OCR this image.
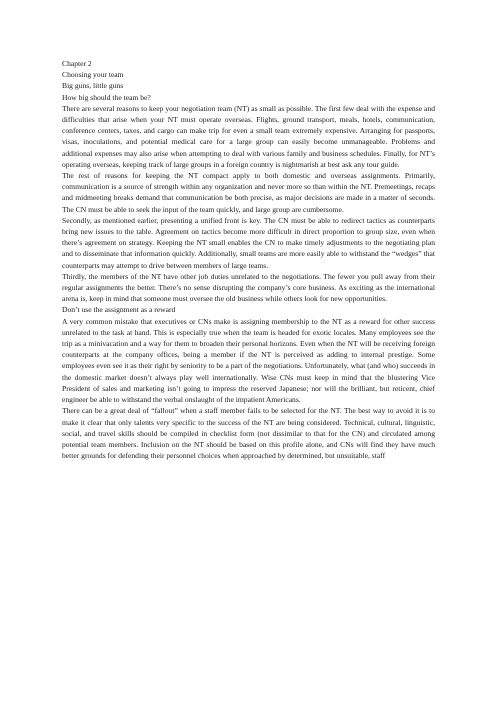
Chapter 2

Choosing your team

Big guns, little guns

How big should the team be?

There are several reasons to keep your negotiation team (NT) as small as possible. The first few deal with the expense and difficulties that arise when your NT must operate overseas. Flights, ground transport, meals, hotels, communication, conference centers, taxes, and cargo can make trip for even a small team extremely expensive. Arranging for passports, visas, inoculations, and potential medical care for a large group can easily become unmanageable. Problems and additional expenses may also arise when attempting to deal with various family and business schedules. Finally, for NT’s operating overseas, keeping track of large groups in a foreign country is nightmarish at best ask any tour guide.

The rest of reasons for keeping the NT compact apply to both domestic and overseas assignments. Primarily, communication is a source of strength within any organization and never more so than within the NT. Premeetings, recaps and midmeeting breaks demand that communication be both precise, as major decisions are made in a matter of seconds. The CN must be able to seek the input of the team quickly, and large group are cumbersome.

Secondly, as mentioned earlier, presenting a unified front is key. The CN must be able to redirect tactics as counterparts bring new issues to the table. Agreement on tactics become more difficult in direct proportion to group size, even when there’s agreement on strategy. Keeping the NT small enables the CN to make timely adjustments to the negotiating plan and to disseminate that information quickly. Additionally, small teams are more easily able to withstand the “wedges” that counterparts may attempt to drive between members of large teams.

Thirdly, the members of the NT have other job duties unrelated to the negotiations. The fewer you pull away from their regular assignments the better. There’s no sense disrupting the company’s core business. As exciting as the international arena is, keep in mind that someone must oversee the old business while others look for new opportunities.

Don’t use the assignment as a reward

A very common mistake that executives or CNs make is assigning membership to the NT as a reward for other success unrelated to the task at hand. This is especially true when the team is headed for exotic locales. Many employees see the trip as a minivacation and a way for them to broaden their personal horizons. Even when the NT will be receiving foreign counterparts at the company offices, being a member if the NT is perceived as adding to internal prestige. Some employees even see it as their right by seniority to be a part of the negotiations. Unfortunately, what (and who) succeeds in the domestic market doesn’t always play well internationally. Wise CNs must keep in mind that the blustering Vice President of sales and marketing isn’t going to impress the reserved Japanese; nor will the brilliant, but reticent, chief engineer be able to withstand the verbal onslaught of the impatient Americans.

There can be a great deal of “fallout” when a staff member fails to be selected for the NT. The best way to avoid it is to make it clear that only talents very specific to the success of the NT are being considered. Technical, cultural, linguistic, social, and travel skills should be compiled in checklist form (not dissimilar to that for the CN) and circulated among potential team members. Inclusion on the NT should be based on this profile alone, and CNs will find they have much better grounds for defending their personnel choices when approached by determined, but unsuitable, staff
